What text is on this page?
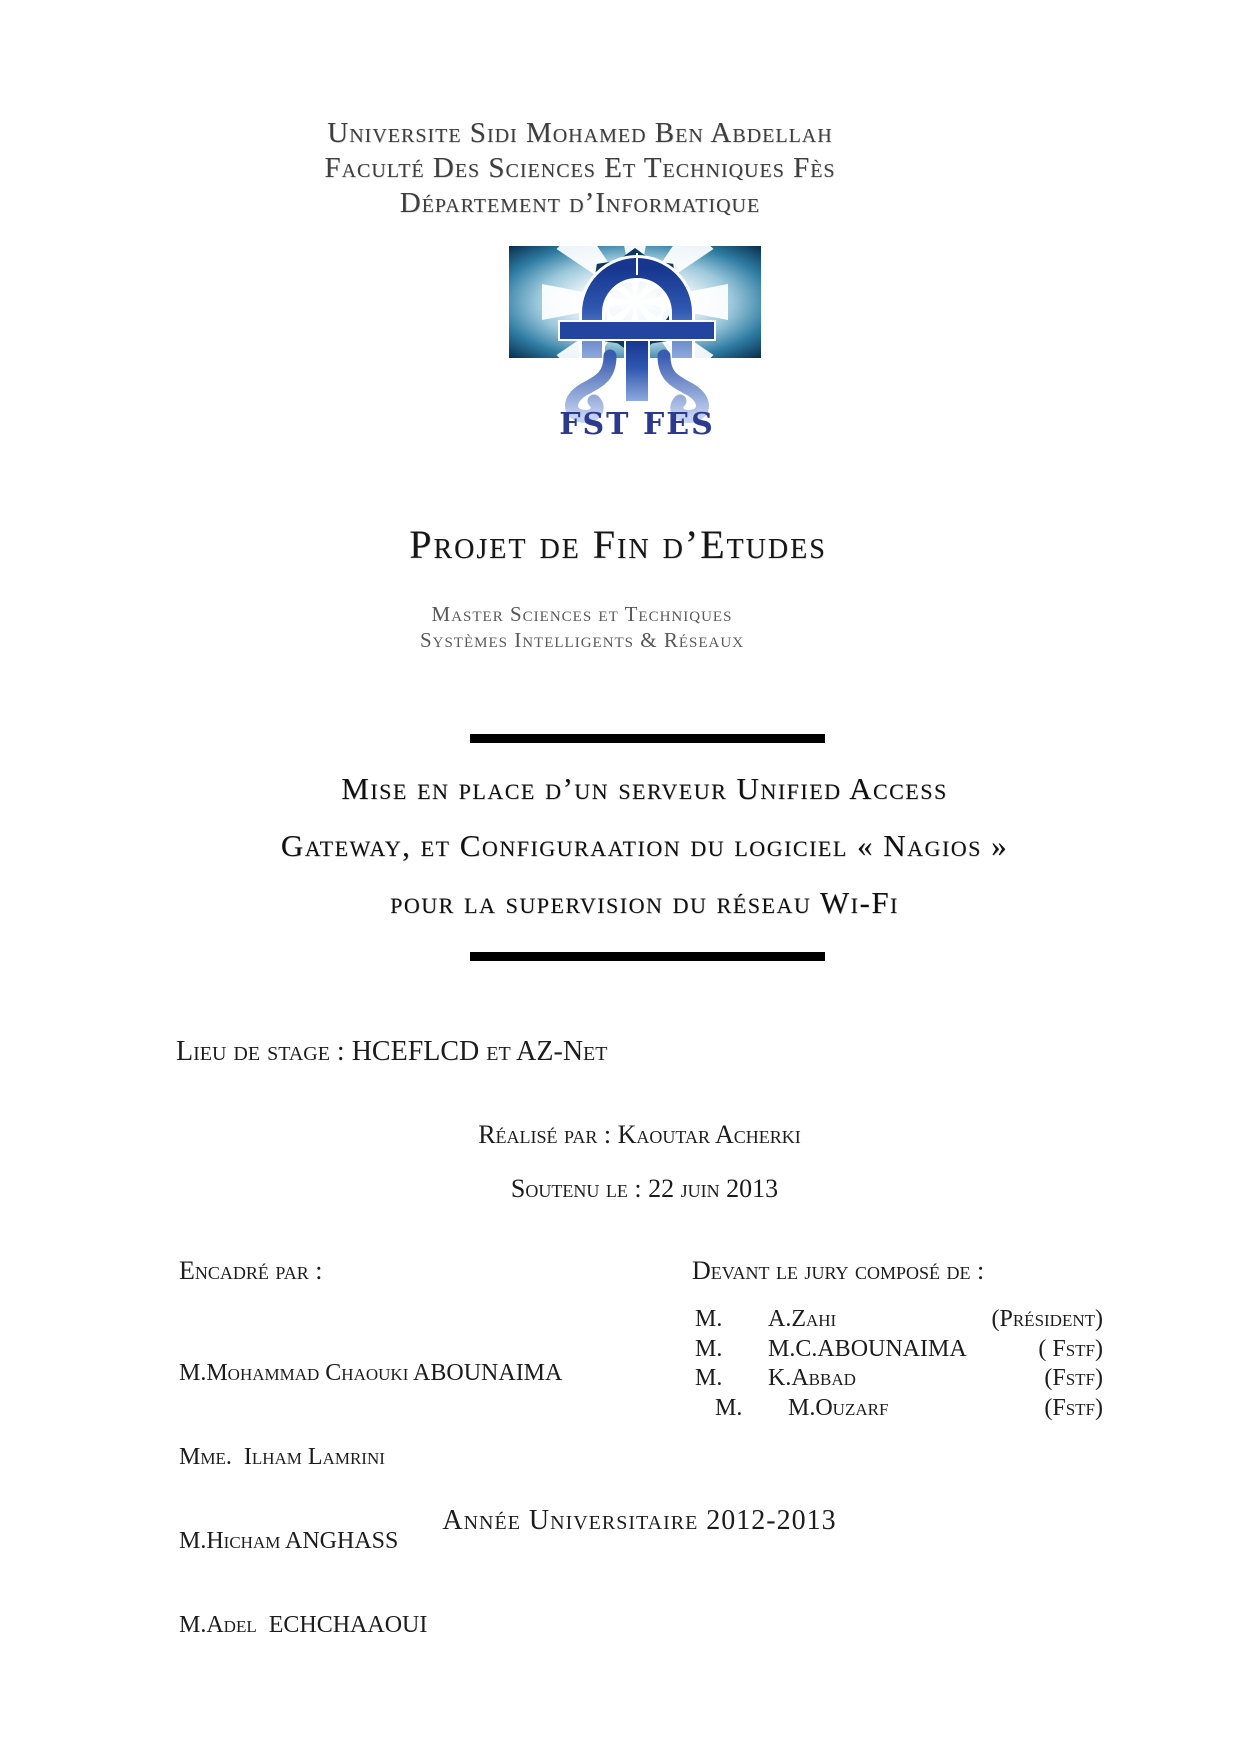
Universite Sidi Mohamed Ben Abdellah
Faculté Des Sciences Et Techniques Fès
Département d’Informatique
FST FES
Projet de Fin d’Etudes
Master Sciences et Techniques
Systèmes Intelligents & Réseaux
Mise en place d’un serveur Unified Access
Gateway, et Configuraation du logiciel « Nagios »
pour la supervision du réseau Wi-Fi
Lieu de stage : HCEFLCD et AZ-Net
Réalisé par : Kaoutar Acherki
Soutenu le : 22 juin 2013
Encadré par :

M.Mohammad Chaouki ABOUNAIMA

Mme.  Ilham Lamrini

M.Hicham ANGHASS

M.Adel  ECHCHAAOUI

Devant le jury composé de :
M.	A.Zahi	(Président)
M.	M.C.ABOUNAIMA	( Fstf)
M.	K.Abbad	(Fstf)
M.	M.Ouzarf	(Fstf)
Année Universitaire 2012-2013
